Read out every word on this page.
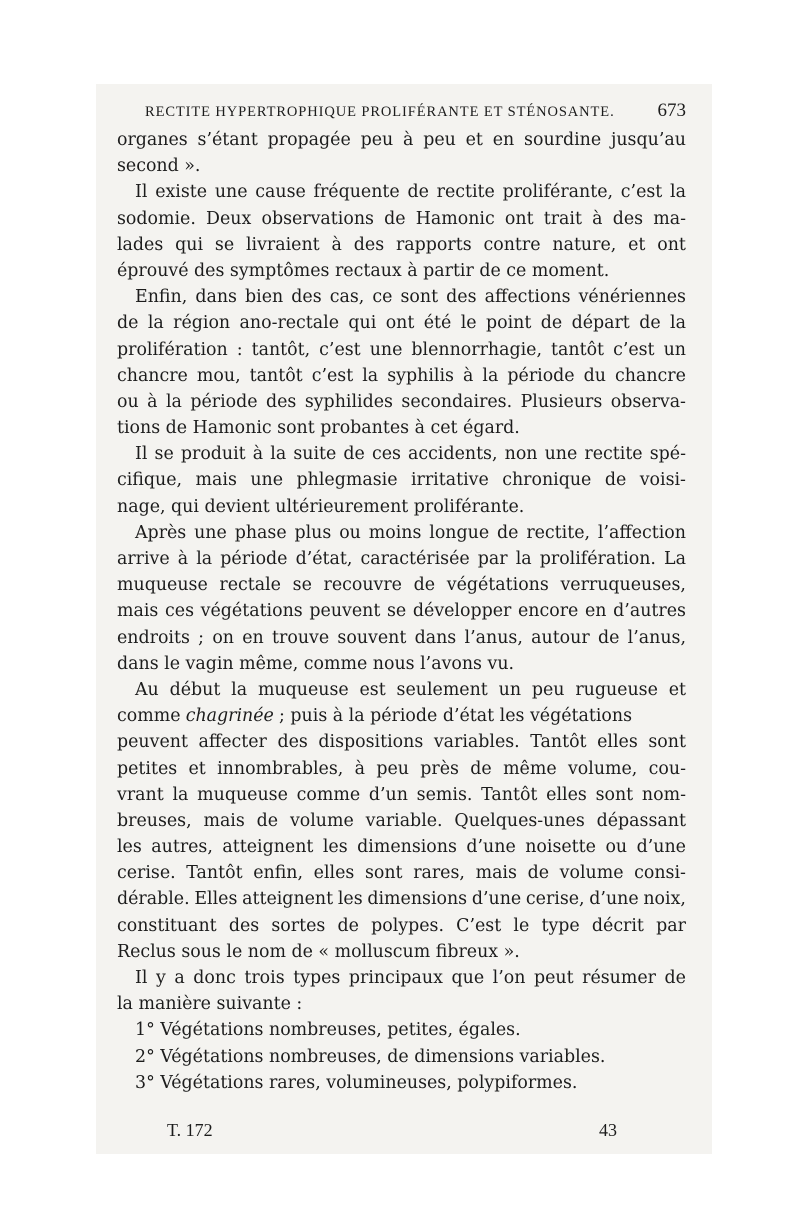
RECTITE HYPERTROPHIQUE PROLIFÉRANTE ET STÉNOSANTE. 673
organes s’étant propagée peu à peu et en sourdine jusqu’au
second ».
Il existe une cause fréquente de rectite proliférante, c’est la
sodomie. Deux observations de Hamonic ont trait à des ma-
lades qui se livraient à des rapports contre nature, et ont
éprouvé des symptômes rectaux à partir de ce moment.
Enfin, dans bien des cas, ce sont des affections vénériennes
de la région ano-rectale qui ont été le point de départ de la
prolifération : tantôt, c’est une blennorrhagie, tantôt c’est un
chancre mou, tantôt c’est la syphilis à la période du chancre
ou à la période des syphilides secondaires. Plusieurs observa-
tions de Hamonic sont probantes à cet égard.
Il se produit à la suite de ces accidents, non une rectite spé-
cifique, mais une phlegmasie irritative chronique de voisi-
nage, qui devient ultérieurement proliférante.
Après une phase plus ou moins longue de rectite, l’affection
arrive à la période d’état, caractérisée par la prolifération. La
muqueuse rectale se recouvre de végétations verruqueuses,
mais ces végétations peuvent se développer encore en d’autres
endroits ; on en trouve souvent dans l’anus, autour de l’anus,
dans le vagin même, comme nous l’avons vu.
Au début la muqueuse est seulement un peu rugueuse et
comme chagrinée ; puis à la période d’état les végétations
peuvent affecter des dispositions variables. Tantôt elles sont
petites et innombrables, à peu près de même volume, cou-
vrant la muqueuse comme d’un semis. Tantôt elles sont nom-
breuses, mais de volume variable. Quelques-unes dépassant
les autres, atteignent les dimensions d’une noisette ou d’une
cerise. Tantôt enfin, elles sont rares, mais de volume consi-
dérable. Elles atteignent les dimensions d’une cerise, d’une noix,
constituant des sortes de polypes. C’est le type décrit par
Reclus sous le nom de « molluscum fibreux ».
Il y a donc trois types principaux que l’on peut résumer de
la manière suivante :
1° Végétations nombreuses, petites, égales.
2° Végétations nombreuses, de dimensions variables.
3° Végétations rares, volumineuses, polypiformes.
T. 172	43
